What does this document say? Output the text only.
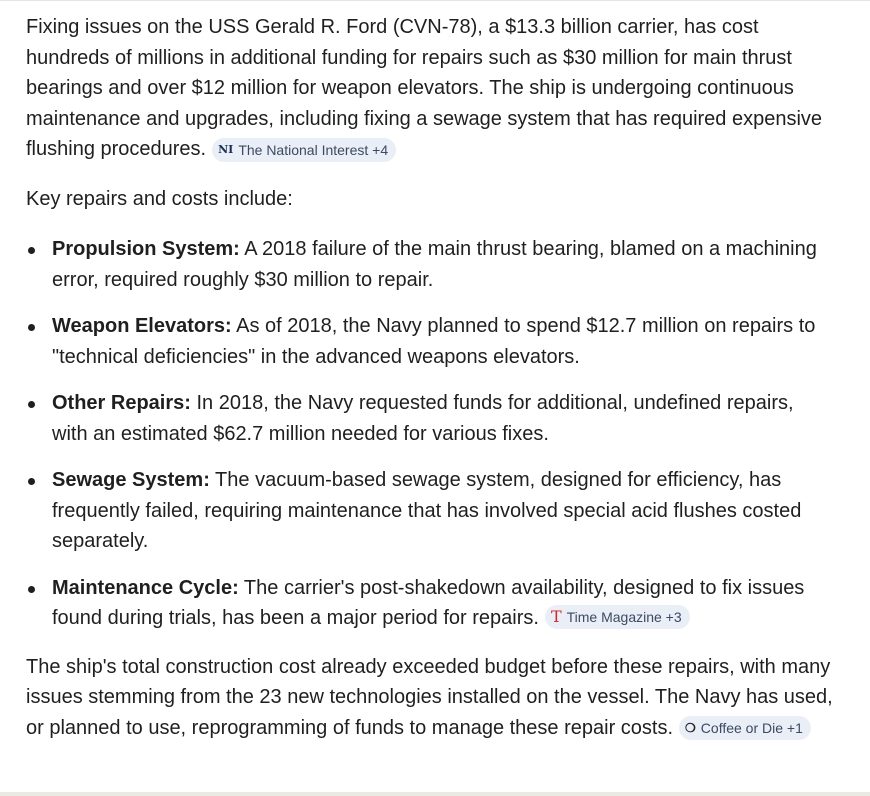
Fixing issues on the USS Gerald R. Ford (CVN-78), a $13.3 billion carrier, has cost hundreds of millions in additional funding for repairs such as $30 million for main thrust bearings and over $12 million for weapon elevators. The ship is undergoing continuous maintenance and upgrades, including fixing a sewage system that has required expensive flushing procedures. NI The National Interest +4

Key repairs and costs include:

Propulsion System: A 2018 failure of the main thrust bearing, blamed on a machining error, required roughly $30 million to repair.
Weapon Elevators: As of 2018, the Navy planned to spend $12.7 million on repairs to "technical deficiencies" in the advanced weapons elevators.
Other Repairs: In 2018, the Navy requested funds for additional, undefined repairs, with an estimated $62.7 million needed for various fixes.
Sewage System: The vacuum-based sewage system, designed for efficiency, has frequently failed, requiring maintenance that has involved special acid flushes costed separately.
Maintenance Cycle: The carrier's post-shakedown availability, designed to fix issues found during trials, has been a major period for repairs. T Time Magazine +3

The ship's total construction cost already exceeded budget before these repairs, with many issues stemming from the 23 new technologies installed on the vessel. The Navy has used, or planned to use, reprogramming of funds to manage these repair costs. ❍ Coffee or Die +1
